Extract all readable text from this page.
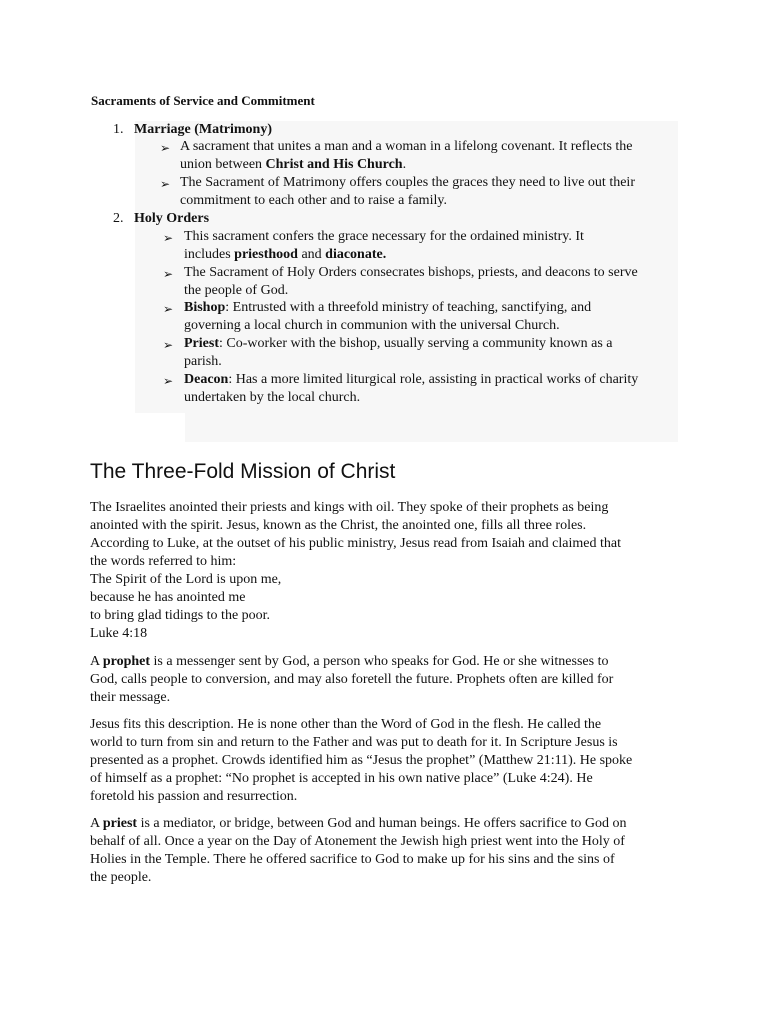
Sacraments of Service and Commitment
1. Marriage (Matrimony)
➢ A sacrament that unites a man and a woman in a lifelong covenant. It reflects the
union between Christ and His Church.
➢ The Sacrament of Matrimony offers couples the graces they need to live out their
commitment to each other and to raise a family.
2. Holy Orders
➢ This sacrament confers the grace necessary for the ordained ministry. It
includes priesthood and diaconate.
➢ The Sacrament of Holy Orders consecrates bishops, priests, and deacons to serve
the people of God.
➢ Bishop: Entrusted with a threefold ministry of teaching, sanctifying, and
governing a local church in communion with the universal Church.
➢ Priest: Co-worker with the bishop, usually serving a community known as a
parish.
➢ Deacon: Has a more limited liturgical role, assisting in practical works of charity
undertaken by the local church.
The Three-Fold Mission of Christ
The Israelites anointed their priests and kings with oil. They spoke of their prophets as being
anointed with the spirit. Jesus, known as the Christ, the anointed one, fills all three roles.
According to Luke, at the outset of his public ministry, Jesus read from Isaiah and claimed that
the words referred to him:
The Spirit of the Lord is upon me,
because he has anointed me
to bring glad tidings to the poor.
Luke 4:18
A prophet is a messenger sent by God, a person who speaks for God. He or she witnesses to
God, calls people to conversion, and may also foretell the future. Prophets often are killed for
their message.
Jesus fits this description. He is none other than the Word of God in the flesh. He called the
world to turn from sin and return to the Father and was put to death for it. In Scripture Jesus is
presented as a prophet. Crowds identified him as “Jesus the prophet” (Matthew 21:11). He spoke
of himself as a prophet: “No prophet is accepted in his own native place” (Luke 4:24). He
foretold his passion and resurrection.
A priest is a mediator, or bridge, between God and human beings. He offers sacrifice to God on
behalf of all. Once a year on the Day of Atonement the Jewish high priest went into the Holy of
Holies in the Temple. There he offered sacrifice to God to make up for his sins and the sins of
the people.
